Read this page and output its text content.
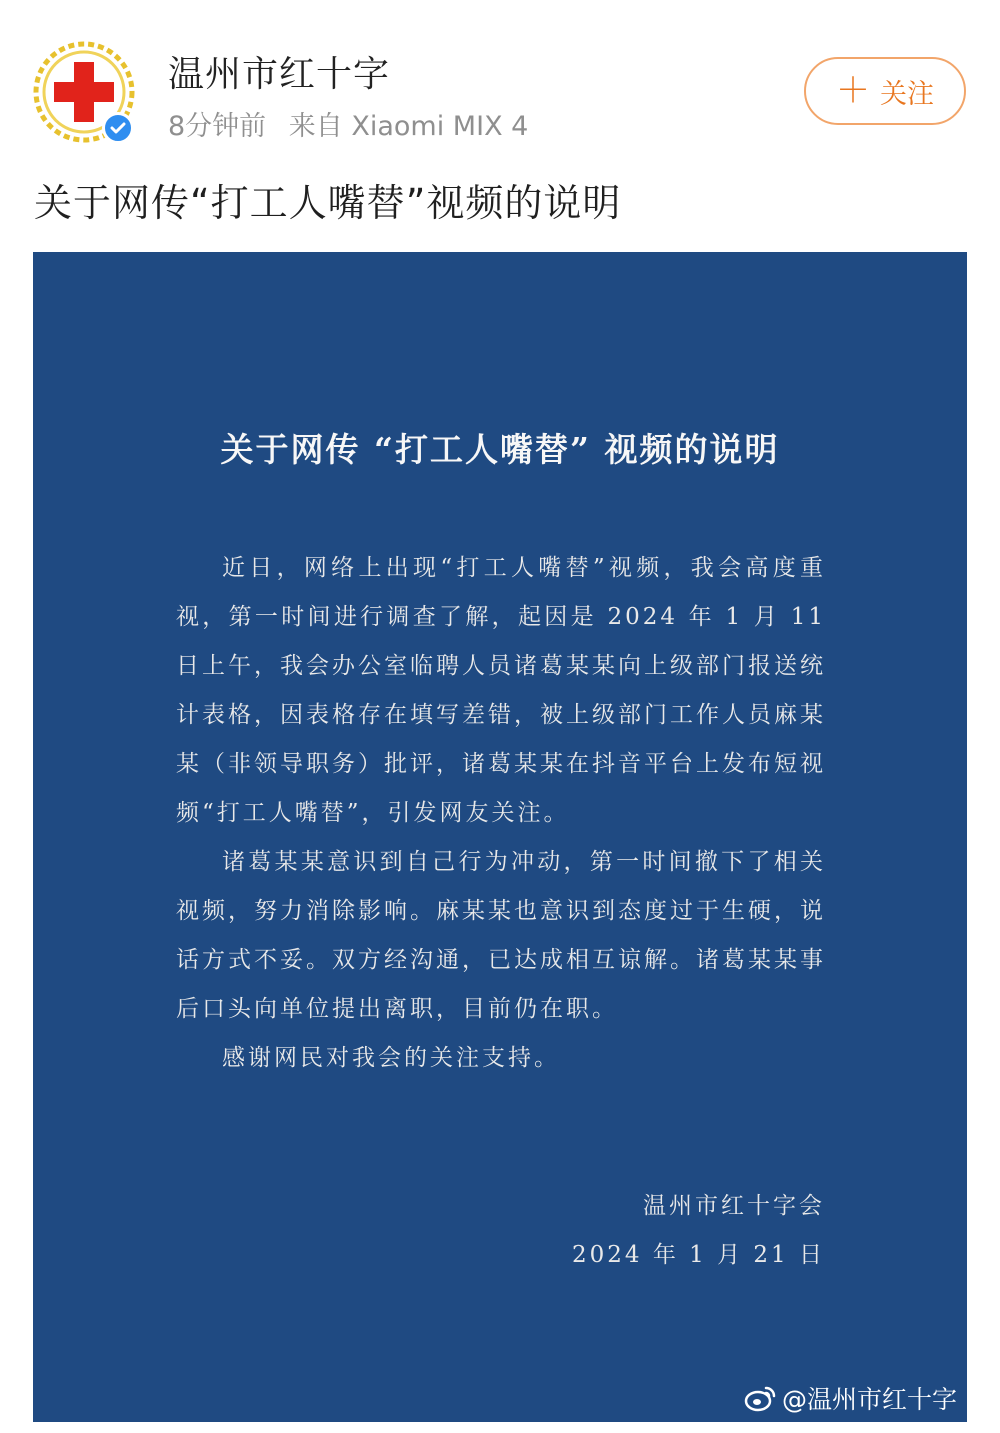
温州市红十字
8分钟前 来自 Xiaomi MIX 4
＋ 关注
关于网传“打工人嘴替”视频的说明
关于网传 “打工人嘴替” 视频的说明

近日，网络上出现“打工人嘴替”视频，我会高度重视，第一时间进行调查了解，起因是 2024 年 1 月 11 日上午，我会办公室临聘人员诸葛某某向上级部门报送统计表格，因表格存在填写差错，被上级部门工作人员麻某某（非领导职务）批评，诸葛某某在抖音平台上发布短视频“打工人嘴替”，引发网友关注。

诸葛某某意识到自己行为冲动，第一时间撤下了相关视频，努力消除影响。麻某某也意识到态度过于生硬，说话方式不妥。双方经沟通，已达成相互谅解。诸葛某某事后口头向单位提出离职，目前仍在职。

感谢网民对我会的关注支持。

温州市红十字会
2024 年 1 月 21 日
@温州市红十字
